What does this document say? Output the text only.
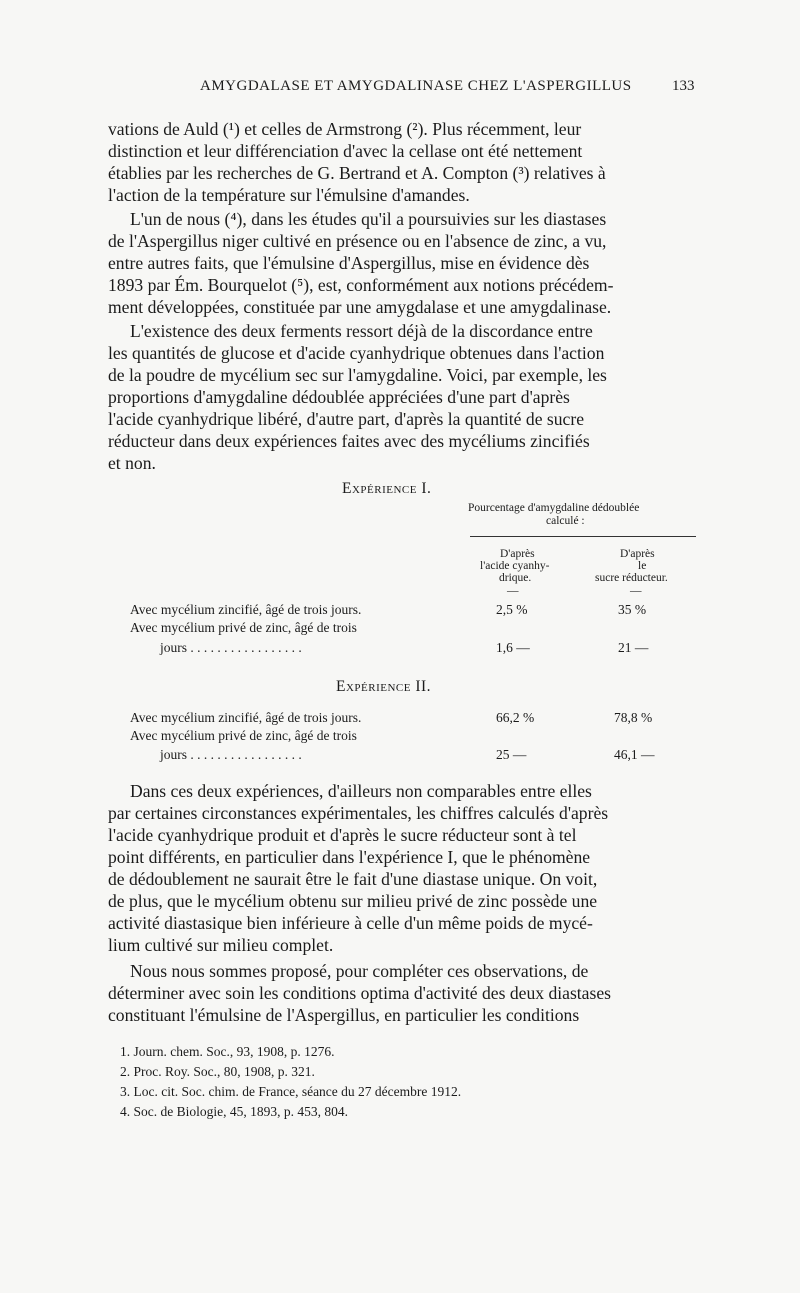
AMYGDALASE ET AMYGDALINASE CHEZ L'ASPERGILLUS	133
vations de Auld (¹) et celles de Armstrong (²). Plus récemment, leur
distinction et leur différenciation d'avec la cellase ont été nettement
établies par les recherches de G. Bertrand et A. Compton (³) relatives à
l'action de la température sur l'émulsine d'amandes.
L'un de nous (⁴), dans les études qu'il a poursuivies sur les diastases
de l'Aspergillus niger cultivé en présence ou en l'absence de zinc, a vu,
entre autres faits, que l'émulsine d'Aspergillus, mise en évidence dès
1893 par Ém. Bourquelot (⁵), est, conformément aux notions précédem-
ment développées, constituée par une amygdalase et une amygdalinase.
L'existence des deux ferments ressort déjà de la discordance entre
les quantités de glucose et d'acide cyanhydrique obtenues dans l'action
de la poudre de mycélium sec sur l'amygdaline. Voici, par exemple, les
proportions d'amygdaline dédoublée appréciées d'une part d'après
l'acide cyanhydrique libéré, d'autre part, d'après la quantité de sucre
réducteur dans deux expériences faites avec des mycéliums zincifiés
et non.
Expérience I.
Pourcentage d'amygdaline dédoublée
calculé :
D'après
l'acide cyanhy-
drique.
—
D'après
le
sucre réducteur.
—
Avec mycélium zincifié, âgé de trois jours.	2,5 %	35 %
Avec mycélium privé de zinc, âgé de trois
jours . . . . . . . . . . . . . . . . .	1,6 —	21 —
Expérience II.
Avec mycélium zincifié, âgé de trois jours.	66,2 %	78,8 %
Avec mycélium privé de zinc, âgé de trois
jours . . . . . . . . . . . . . . . . .	25 —	46,1 —
Dans ces deux expériences, d'ailleurs non comparables entre elles
par certaines circonstances expérimentales, les chiffres calculés d'après
l'acide cyanhydrique produit et d'après le sucre réducteur sont à tel
point différents, en particulier dans l'expérience I, que le phénomène
de dédoublement ne saurait être le fait d'une diastase unique. On voit,
de plus, que le mycélium obtenu sur milieu privé de zinc possède une
activité diastasique bien inférieure à celle d'un même poids de mycé-
lium cultivé sur milieu complet.
Nous nous sommes proposé, pour compléter ces observations, de
déterminer avec soin les conditions optima d'activité des deux diastases
constituant l'émulsine de l'Aspergillus, en particulier les conditions
1. Journ. chem. Soc., 93, 1908, p. 1276.
2. Proc. Roy. Soc., 80, 1908, p. 321.
3. Loc. cit. Soc. chim. de France, séance du 27 décembre 1912.
4. Soc. de Biologie, 45, 1893, p. 453, 804.
